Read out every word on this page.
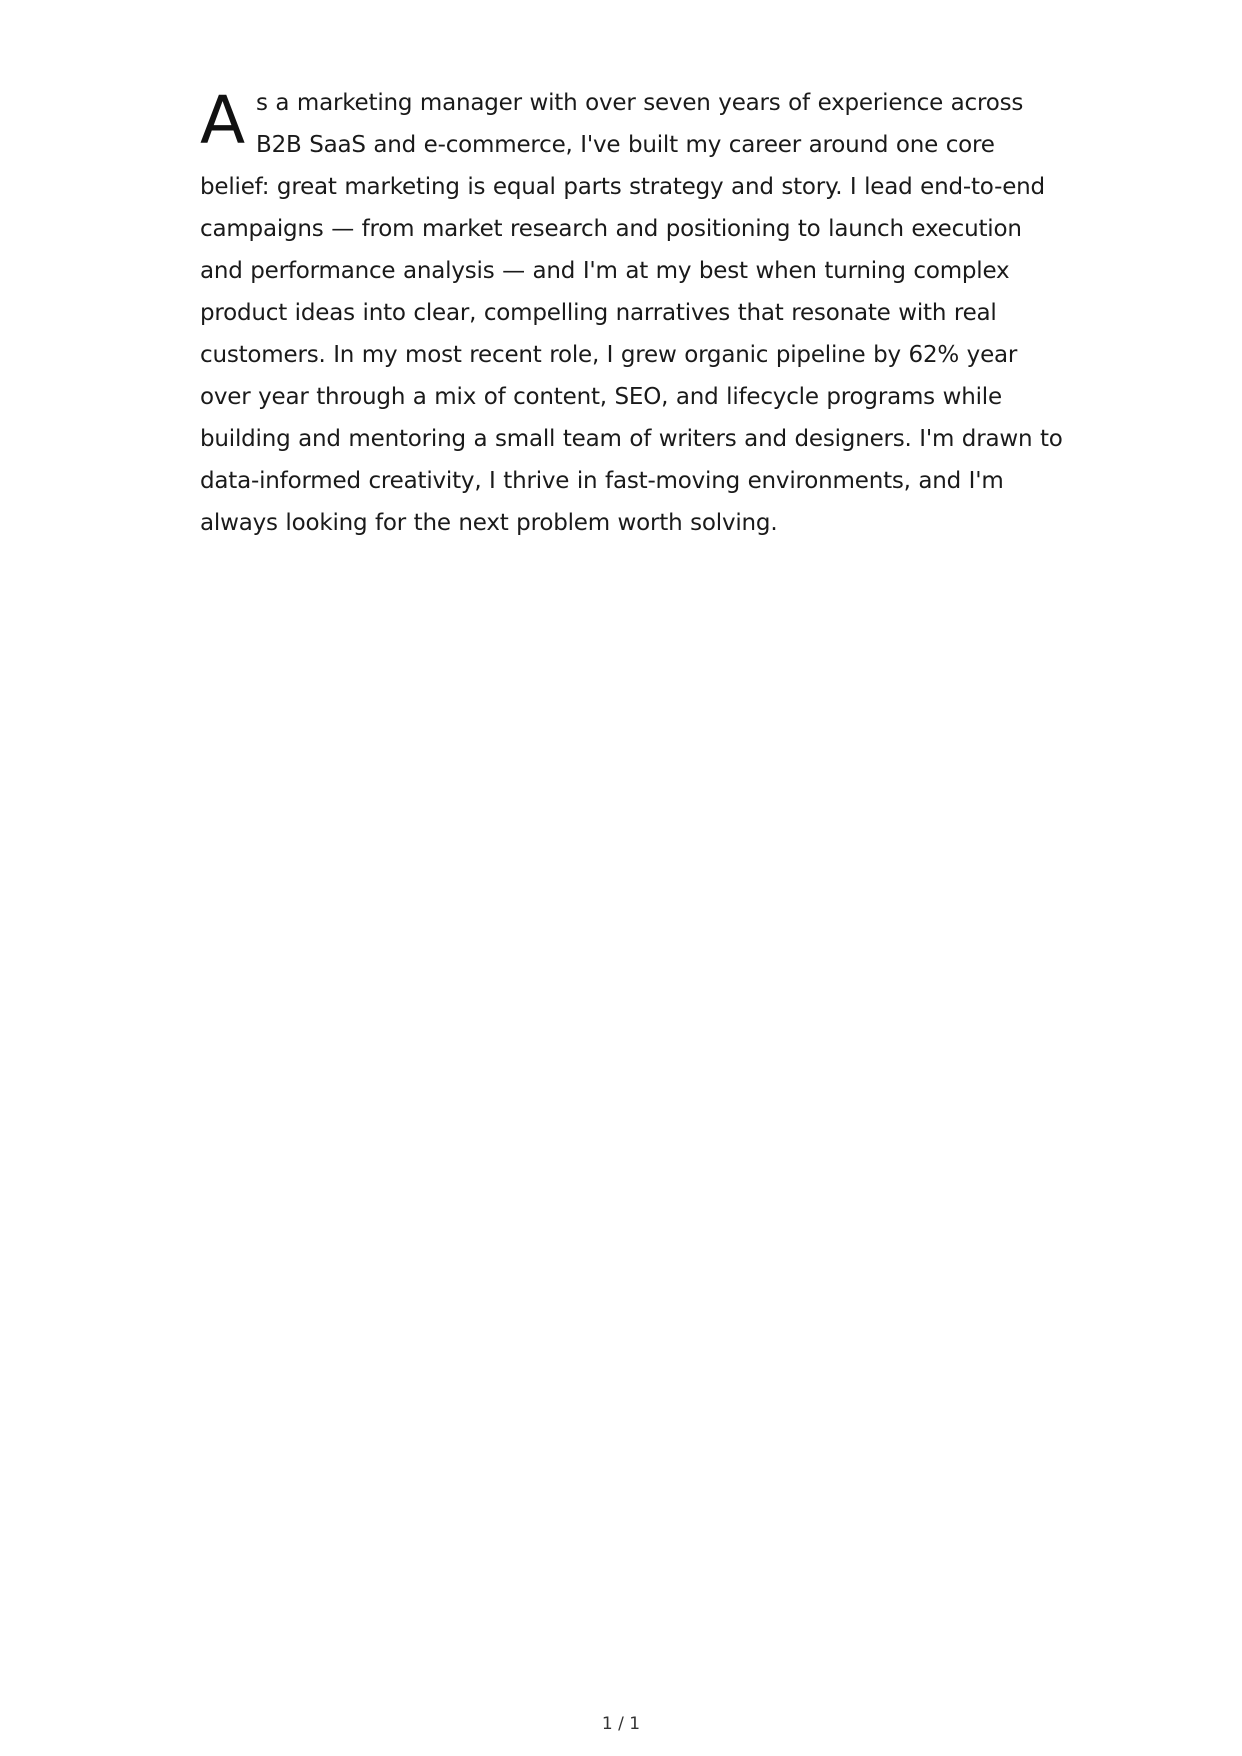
A s a marketing manager with over seven years of experience across
B2B SaaS and e-commerce, I've built my career around one core
belief: great marketing is equal parts strategy and story. I lead end-to-end
campaigns — from market research and positioning to launch execution
and performance analysis — and I'm at my best when turning complex
product ideas into clear, compelling narratives that resonate with real
customers. In my most recent role, I grew organic pipeline by 62% year
over year through a mix of content, SEO, and lifecycle programs while
building and mentoring a small team of writers and designers. I'm drawn to
data-informed creativity, I thrive in fast-moving environments, and I'm
always looking for the next problem worth solving.
1 / 1
